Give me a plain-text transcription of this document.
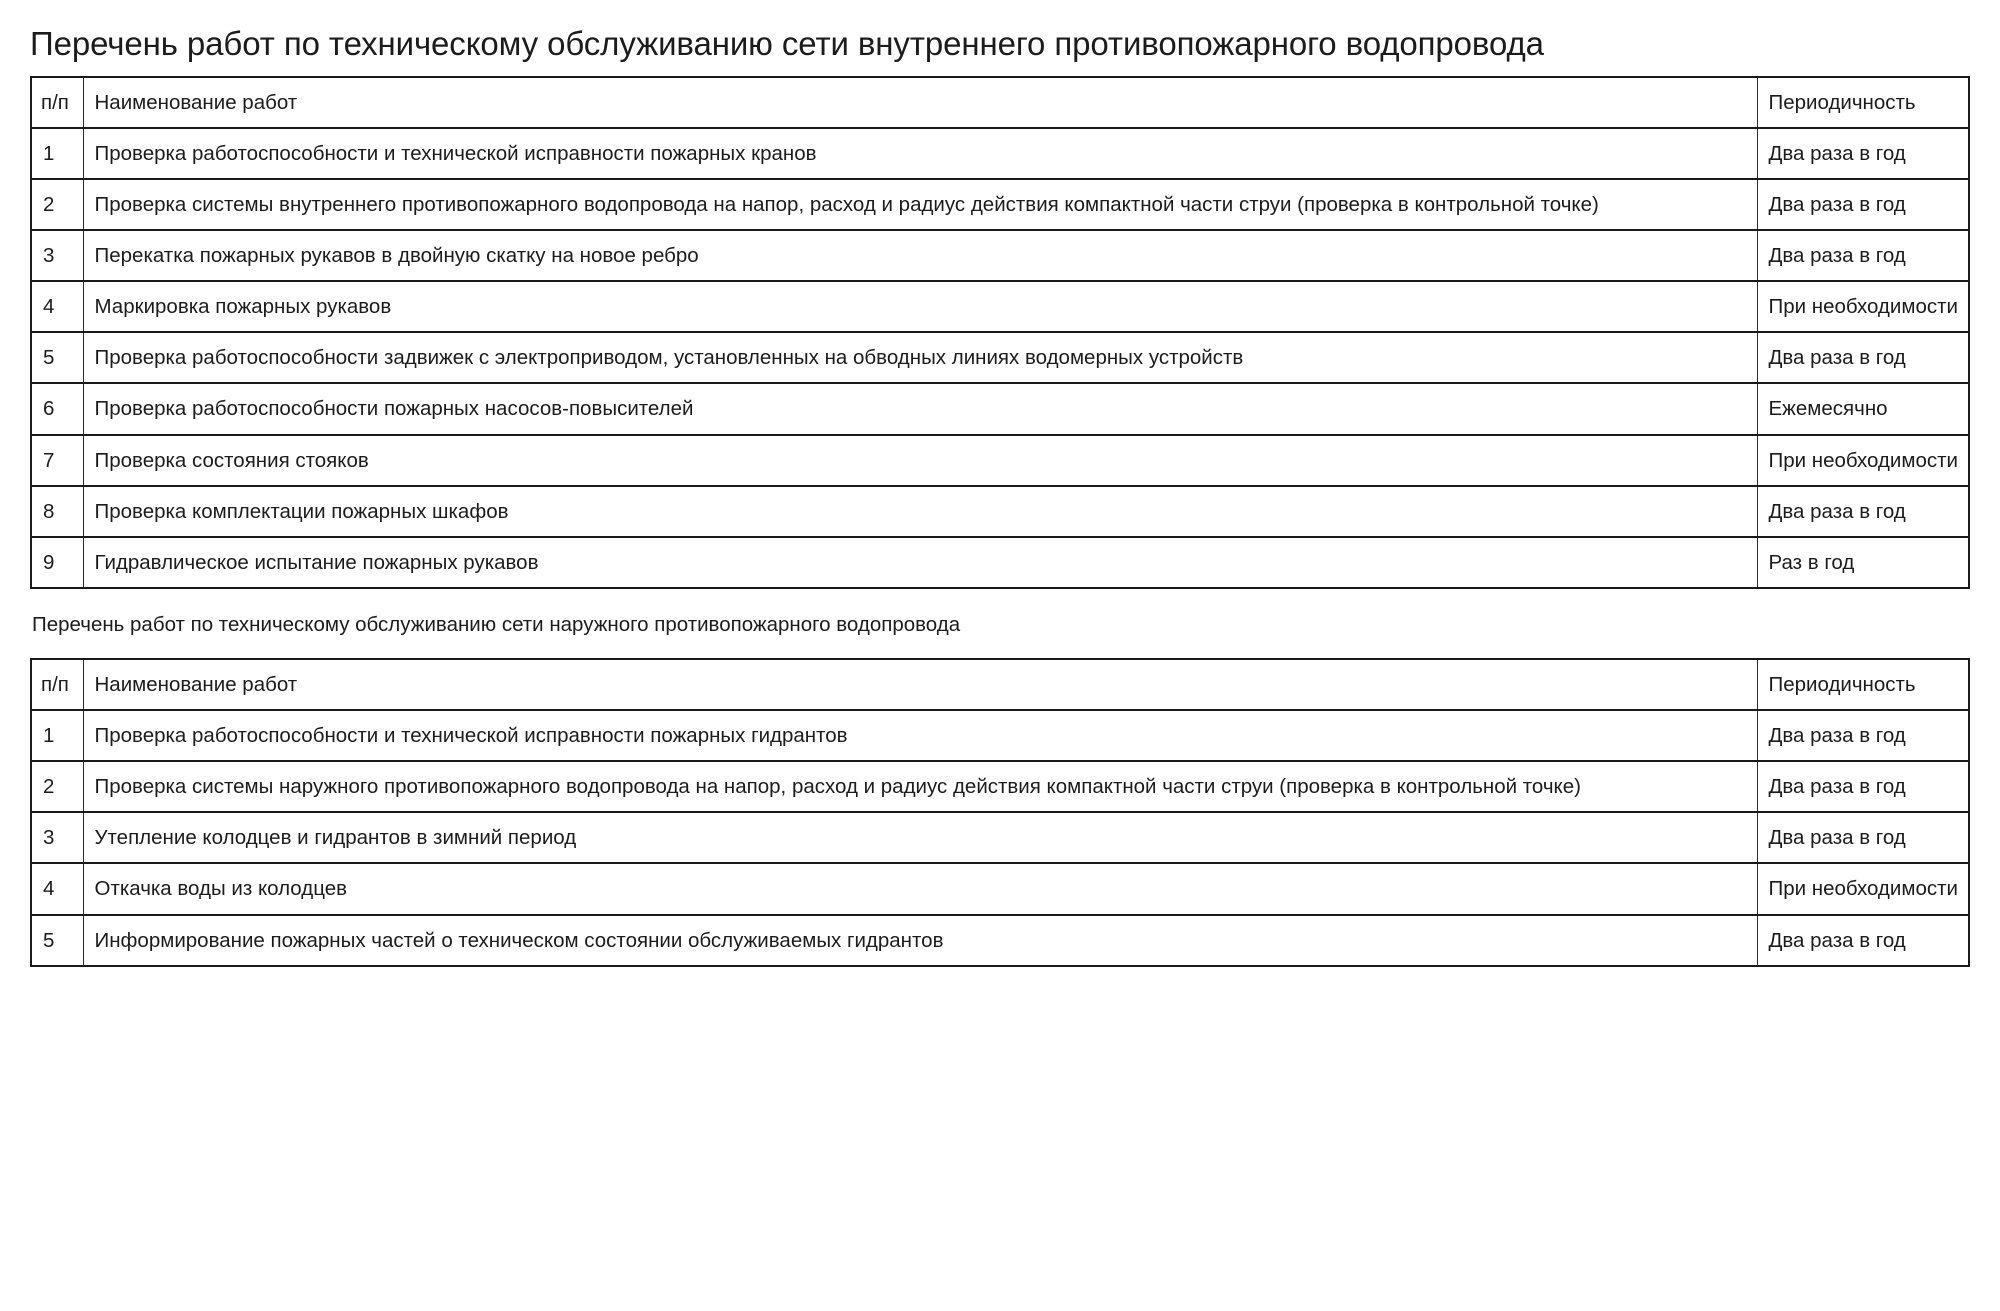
Перечень работ по техническому обслуживанию сети внутреннего противопожарного водопровода
п/п	Наименование работ	Периодичность
1	Проверка работоспособности и технической исправности пожарных кранов	Два раза в год
2	Проверка системы внутреннего противопожарного водопровода на напор, расход и радиус действия компактной части струи (проверка в контрольной точке)	Два раза в год
3	Перекатка пожарных рукавов в двойную скатку на новое ребро	Два раза в год
4	Маркировка пожарных рукавов	При необходимости
5	Проверка работоспособности задвижек с электроприводом, установленных на обводных линиях водомерных устройств	Два раза в год
6	Проверка работоспособности пожарных насосов-повысителей	Ежемесячно
7	Проверка состояния стояков	При необходимости
8	Проверка комплектации пожарных шкафов	Два раза в год
9	Гидравлическое испытание пожарных рукавов	Раз в год

Перечень работ по техническому обслуживанию сети наружного противопожарного водопровода

п/п	Наименование работ	Периодичность
1	Проверка работоспособности и технической исправности пожарных гидрантов	Два раза в год
2	Проверка системы наружного противопожарного водопровода на напор, расход и радиус действия компактной части струи (проверка в контрольной точке)	Два раза в год
3	Утепление колодцев и гидрантов в зимний период	Два раза в год
4	Откачка воды из колодцев	При необходимости
5	Информирование пожарных частей о техническом состоянии обслуживаемых гидрантов	Два раза в год
